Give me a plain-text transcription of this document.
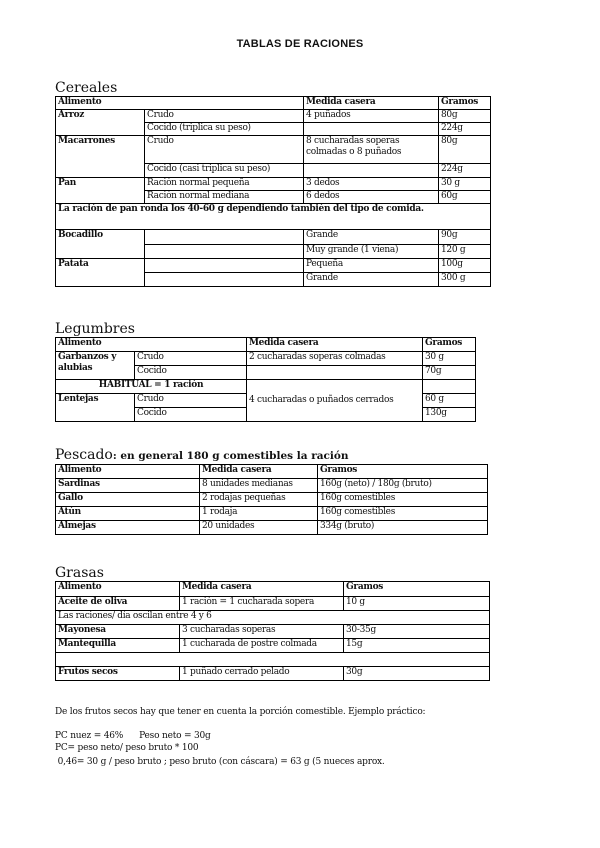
TABLAS DE RACIONES
Cereales
Alimento		Medida casera	Gramos
Arroz	Crudo	4 puñados	80g
	Cocido (triplica su peso)		224g
Macarrones	Crudo	8 cucharadas soperas colmadas o 8 puñados	80g
	Cocido (casi triplica su peso)		224g
Pan	Ración normal pequeña	3 dedos	30 g
	Ración normal mediana	6 dedos	60g
La ración de pan ronda los 40-60 g dependiendo también del tipo de comida.			
Bocadillo		Grande	90g
		Muy grande (1 viena)	120 g
Patata		Pequeña	100g
		Grande	300 g
Legumbres
Alimento		Medida casera	Gramos
Garbanzos y alubias	Crudo	2 cucharadas soperas colmadas	30 g
	Cocido		70g
HABITUAL = 1 ración		4 cucharadas o puñados cerrados	
Lentejas	Crudo		60 g
	Cocido		130g
Pescado: en general 180 g comestibles la ración
Alimento	Medida casera	Gramos
Sardinas	8 unidades medianas	160g (neto) / 180g (bruto)
Gallo	2 rodajas pequeñas	160g comestibles
Atún	1 rodaja	160g comestibles
Almejas	20 unidades	334g (bruto)
Grasas
Alimento	Medida casera	Gramos
Aceite de oliva	1 ración = 1 cucharada sopera	10 g
Las raciones/ día oscilan entre 4 y 6		
Mayonesa	3 cucharadas soperas	30-35g
Mantequilla	1 cucharada de postre colmada	15g

Frutos secos	1 puñado cerrado pelado	30g
De los frutos secos hay que tener en cuenta la porción comestible. Ejemplo práctico:
PC nuez = 46%      Peso neto = 30g
PC= peso neto/ peso bruto * 100
0,46= 30 g / peso bruto ; peso bruto (con cáscara) = 63 g (5 nueces aprox.
